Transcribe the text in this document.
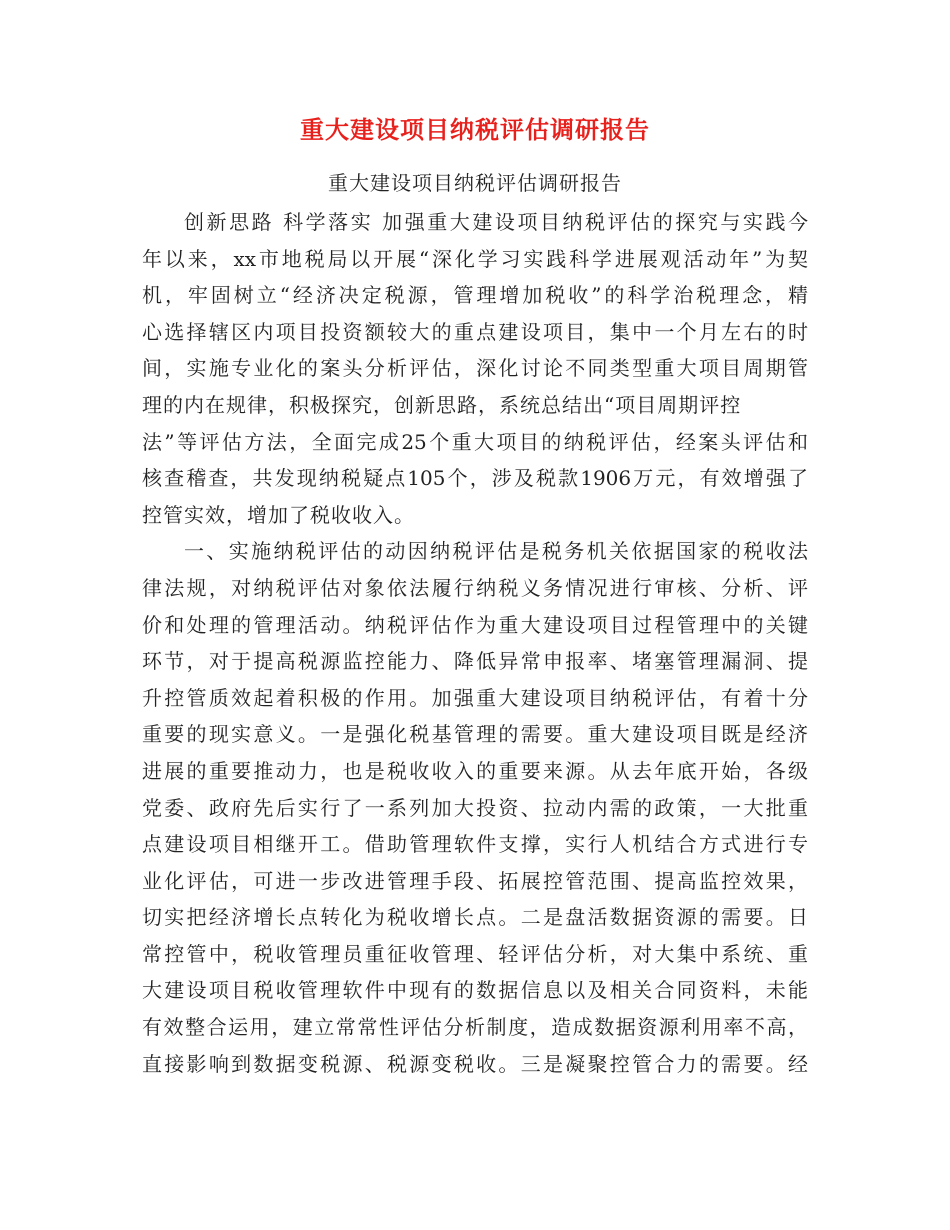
重大建设项目纳税评估调研报告
重大建设项目纳税评估调研报告
创新思路 科学落实 加强重大建设项目纳税评估的探究与实践今
年以来，xx市地税局以开展“深化学习实践科学进展观活动年”为契
机，牢固树立“经济决定税源，管理增加税收”的科学治税理念，精
心选择辖区内项目投资额较大的重点建设项目，集中一个月左右的时
间，实施专业化的案头分析评估，深化讨论不同类型重大项目周期管
理的内在规律，积极探究，创新思路，系统总结出“项目周期评控
法”等评估方法，全面完成25个重大项目的纳税评估，经案头评估和
核查稽查，共发现纳税疑点105个，涉及税款1906万元，有效增强了
控管实效，增加了税收收入。
一、实施纳税评估的动因纳税评估是税务机关依据国家的税收法
律法规，对纳税评估对象依法履行纳税义务情况进行审核、分析、评
价和处理的管理活动。纳税评估作为重大建设项目过程管理中的关键
环节，对于提高税源监控能力、降低异常申报率、堵塞管理漏洞、提
升控管质效起着积极的作用。加强重大建设项目纳税评估，有着十分
重要的现实意义。一是强化税基管理的需要。重大建设项目既是经济
进展的重要推动力，也是税收收入的重要来源。从去年底开始，各级
党委、政府先后实行了一系列加大投资、拉动内需的政策，一大批重
点建设项目相继开工。借助管理软件支撑，实行人机结合方式进行专
业化评估，可进一步改进管理手段、拓展控管范围、提高监控效果，
切实把经济增长点转化为税收增长点。二是盘活数据资源的需要。日
常控管中，税收管理员重征收管理、轻评估分析，对大集中系统、重
大建设项目税收管理软件中现有的数据信息以及相关合同资料，未能
有效整合运用，建立常常性评估分析制度，造成数据资源利用率不高，
直接影响到数据变税源、税源变税收。三是凝聚控管合力的需要。经
